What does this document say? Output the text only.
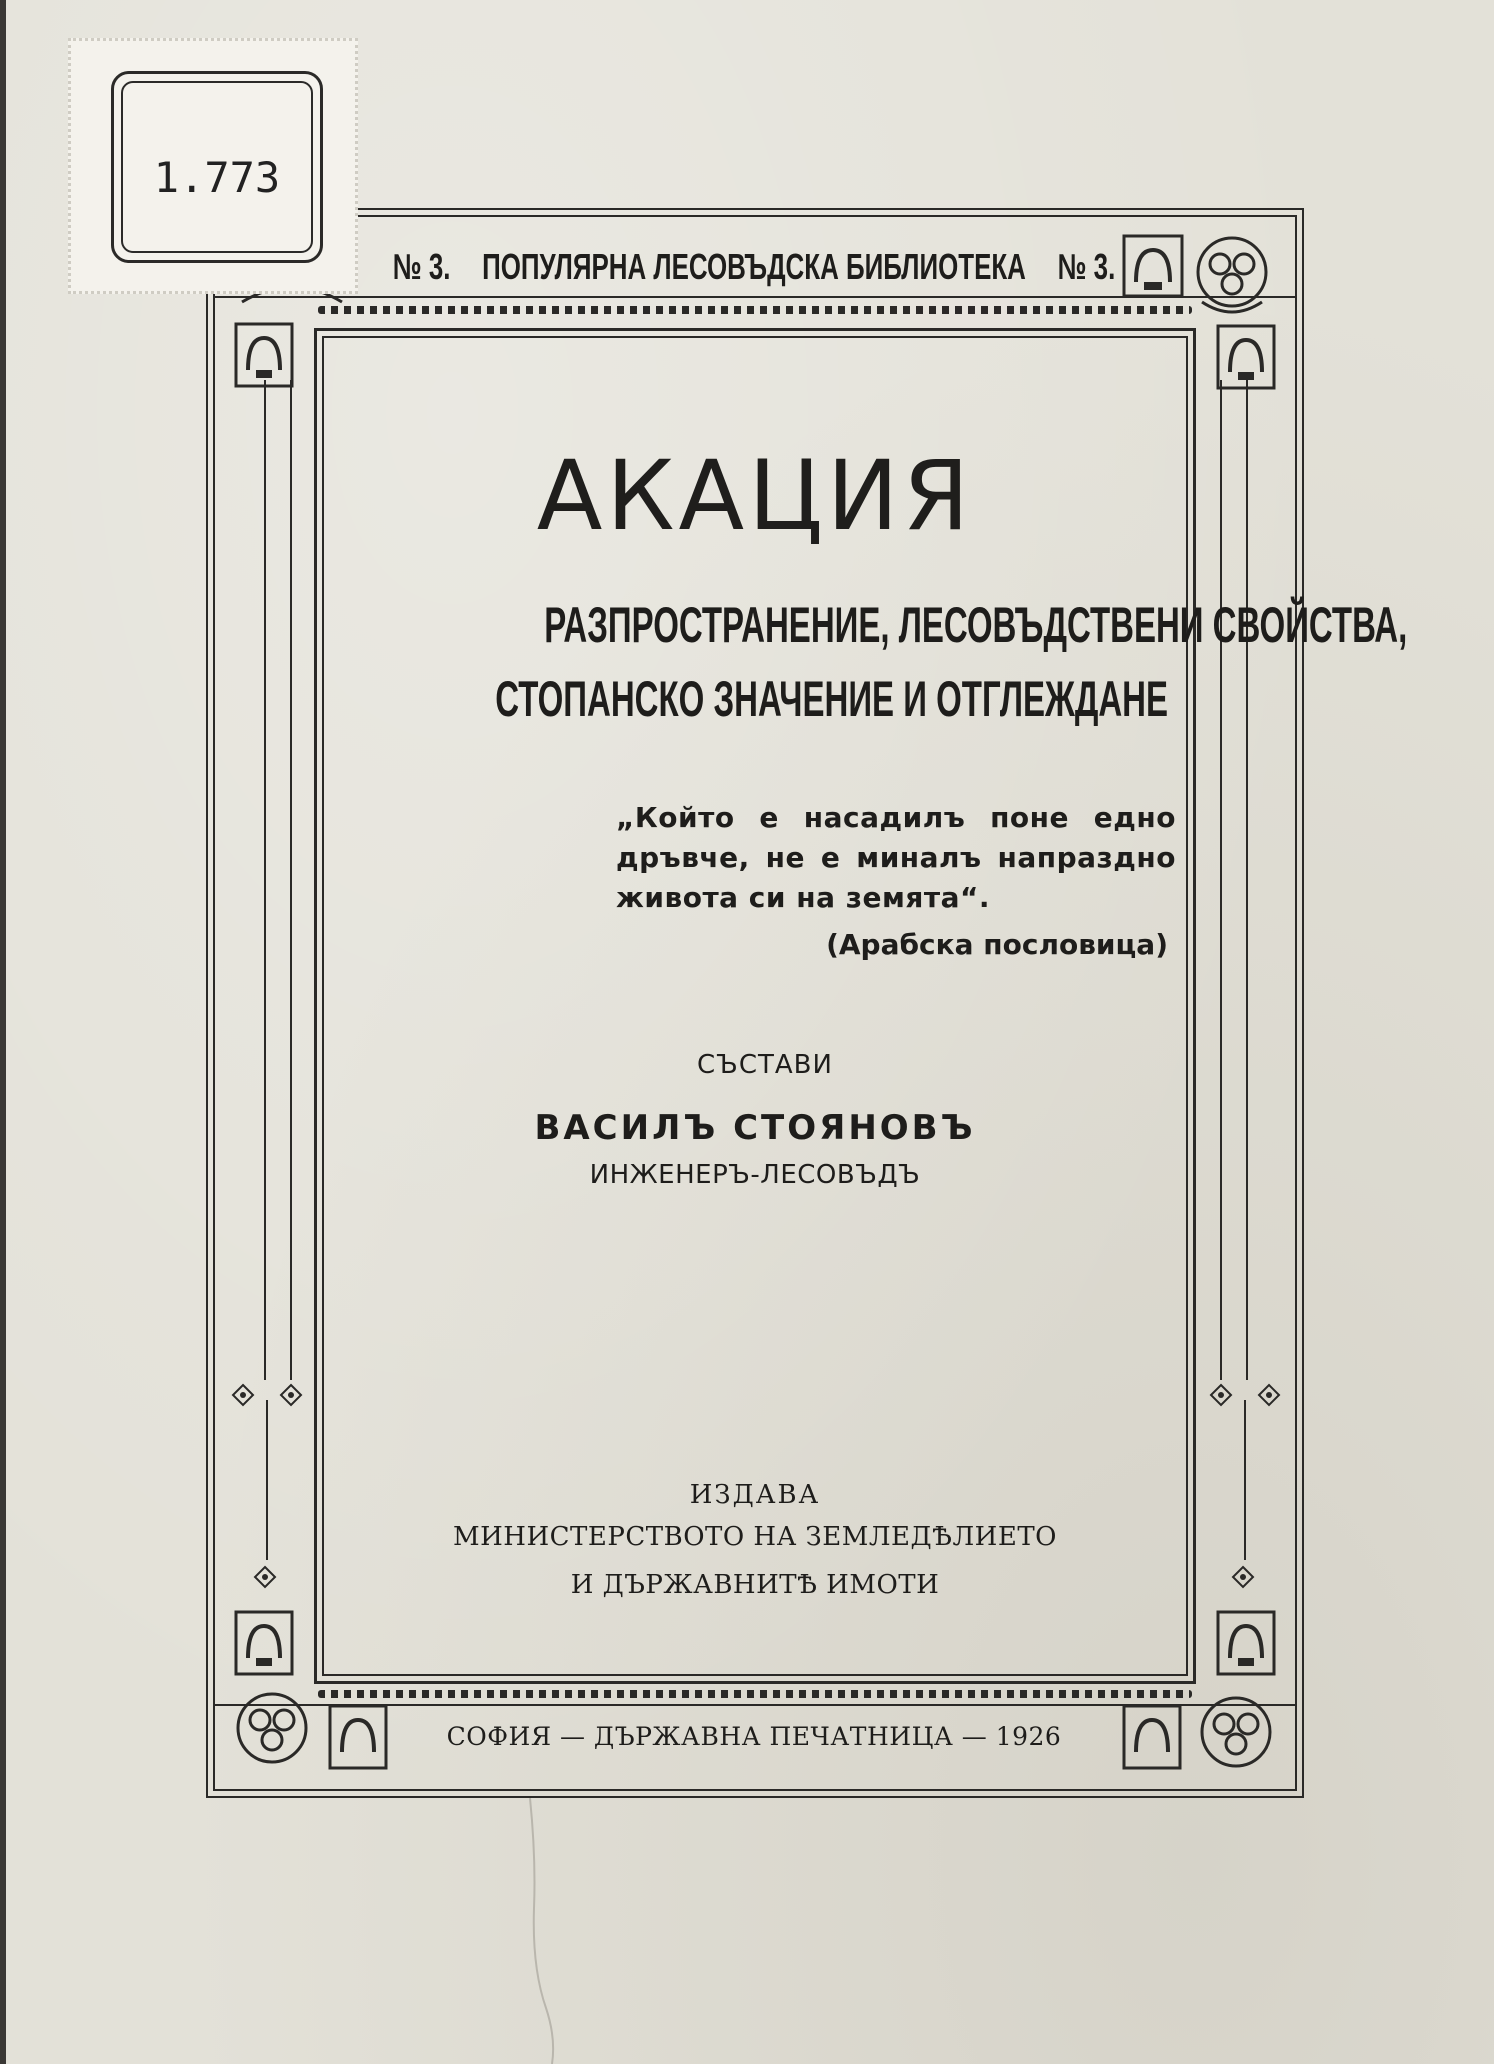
№ 3. ПОПУЛЯРНА ЛЕСОВЪДСКА БИБЛИОТЕКА № 3.
1.773
АКАЦИЯ
РАЗПРОСТРАНЕНИЕ, ЛЕСОВЪДСТВЕНИ СВОЙСТВА,
СТОПАНСКО ЗНАЧЕНИЕ И ОТГЛЕЖДАНЕ
„Който е насадилъ поне едно дръвче, не е миналъ напраздно живота си на земята“.
(Арабска пословица)
СЪСТАВИ
ВАСИЛЪ СТОЯНОВЪ
ИНЖЕНЕРЪ-ЛЕСОВЪДЪ
ИЗДАВА
МИНИСТЕРСТВОТО НА ЗЕМЛЕДѢЛИЕТО
И ДЪРЖАВНИТѢ ИМОТИ
СОФИЯ — ДЪРЖАВНА ПЕЧАТНИЦА — 1926
